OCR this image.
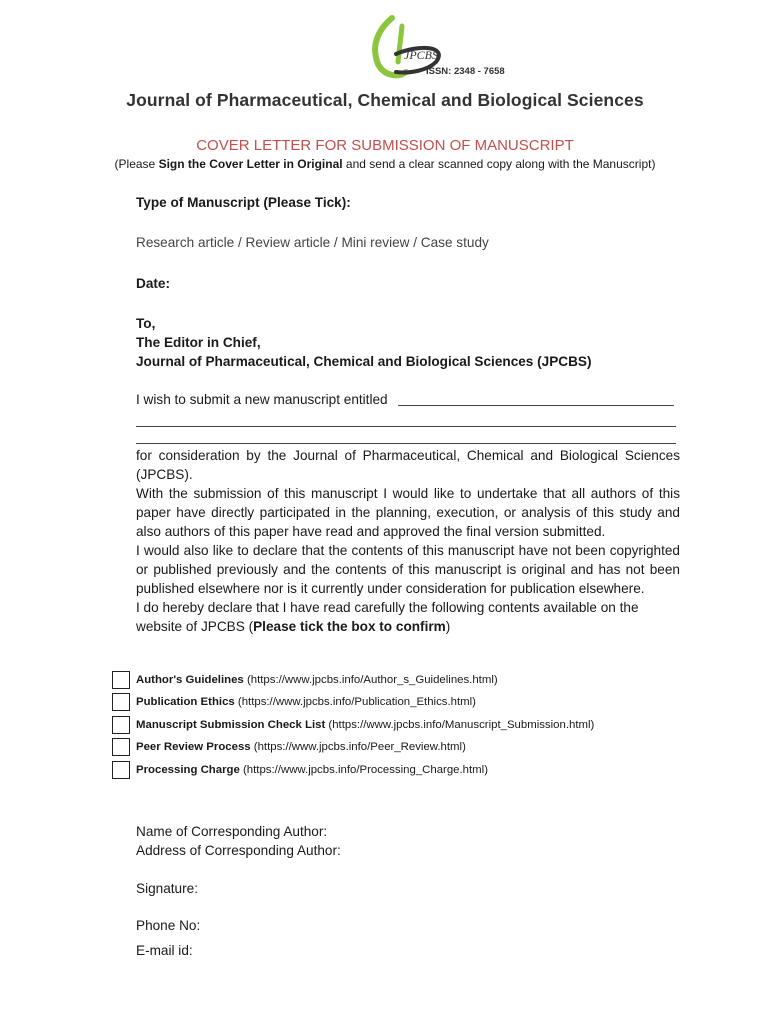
JPCBS
ISSN: 2348 - 7658
Journal of Pharmaceutical, Chemical and Biological Sciences
COVER LETTER FOR SUBMISSION OF MANUSCRIPT
(Please Sign the Cover Letter in Original and send a clear scanned copy along with the Manuscript)
Type of Manuscript (Please Tick):
Research article / Review article / Mini review / Case study
Date:
To,
The Editor in Chief,
Journal of Pharmaceutical, Chemical and Biological Sciences (JPCBS)
I wish to submit a new manuscript entitled
for consideration by the Journal of Pharmaceutical, Chemical and Biological Sciences (JPCBS).
With the submission of this manuscript I would like to undertake that all authors of this paper have directly participated in the planning, execution, or analysis of this study and also authors of this paper have read and approved the final version submitted.
I would also like to declare that the contents of this manuscript have not been copyrighted or published previously and the contents of this manuscript is original and has not been published elsewhere nor is it currently under consideration for publication elsewhere.
I do hereby declare that I have read carefully the following contents available on the website of JPCBS (Please tick the box to confirm)
Author's Guidelines
(https://www.jpcbs.info/Author_s_Guidelines.html)
Publication Ethics
(https://www.jpcbs.info/Publication_Ethics.html)
Manuscript Submission Check List
(https://www.jpcbs.info/Manuscript_Submission.html)
Peer Review Process
(https://www.jpcbs.info/Peer_Review.html)
Processing Charge
(https://www.jpcbs.info/Processing_Charge.html)
Name of Corresponding Author:
Address of Corresponding Author:
Signature:
Phone No:
E-mail id:
